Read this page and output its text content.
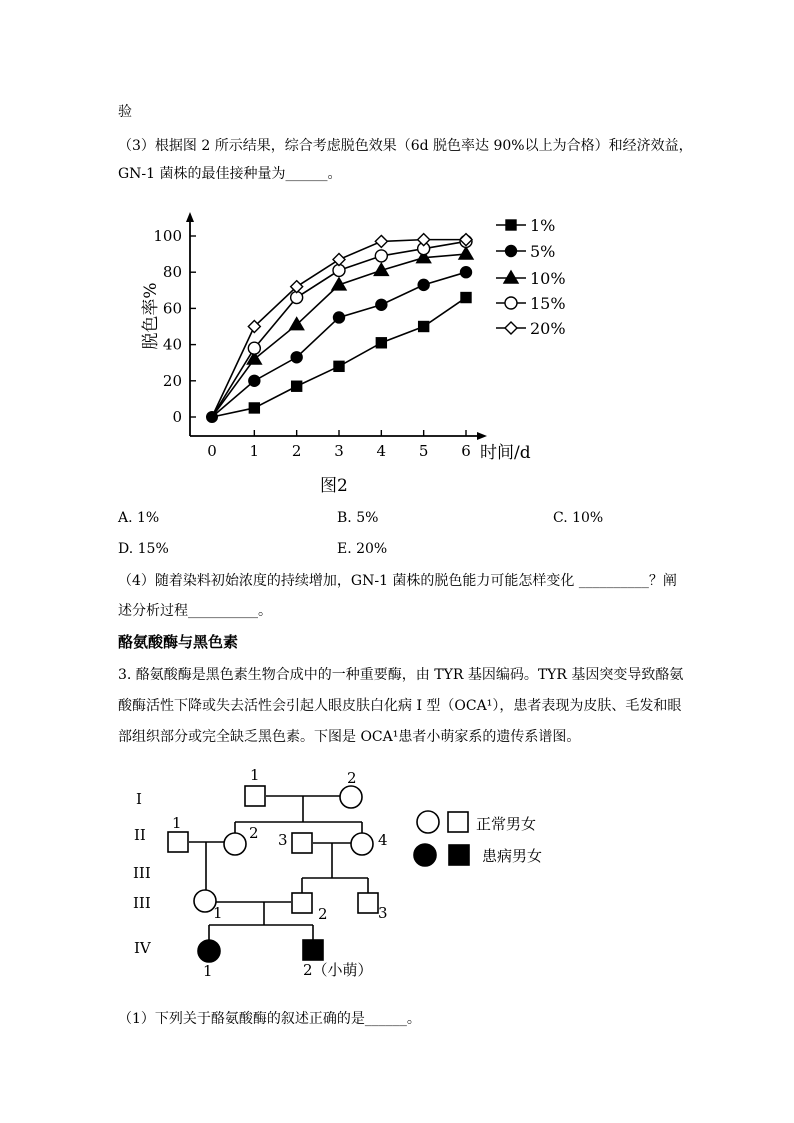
验
（3）根据图 2 所示结果，综合考虑脱色效果（6d 脱色率达 90%以上为合格）和经济效益，
GN-1 菌株的最佳接种量为______。
0
20
40
60
80
100
0 1 2 3 4 5 6
1%
5%
10%
15%
20%
脱色率%
时间/d
图2
A. 1%	B. 5%	C. 10%
D. 15%	E. 20%
（4）随着染料初始浓度的持续增加，GN-1 菌株的脱色能力可能怎样变化 __________？阐
述分析过程__________。
酪氨酸酶与黑色素
3. 酪氨酸酶是黑色素生物合成中的一种重要酶，由 TYR 基因编码。TYR 基因突变导致酪氨
酸酶活性下降或失去活性会引起人眼皮肤白化病 I 型（OCA¹），患者表现为皮肤、毛发和眼
部组织部分或完全缺乏黑色素。下图是 OCA¹患者小萌家系的遗传系谱图。
I
II
III
III
IV
1	2
1
2 3	4
1	2	3
1	2（小萌）
正常男女
患病男女
（1）下列关于酪氨酸酶的叙述正确的是______。
